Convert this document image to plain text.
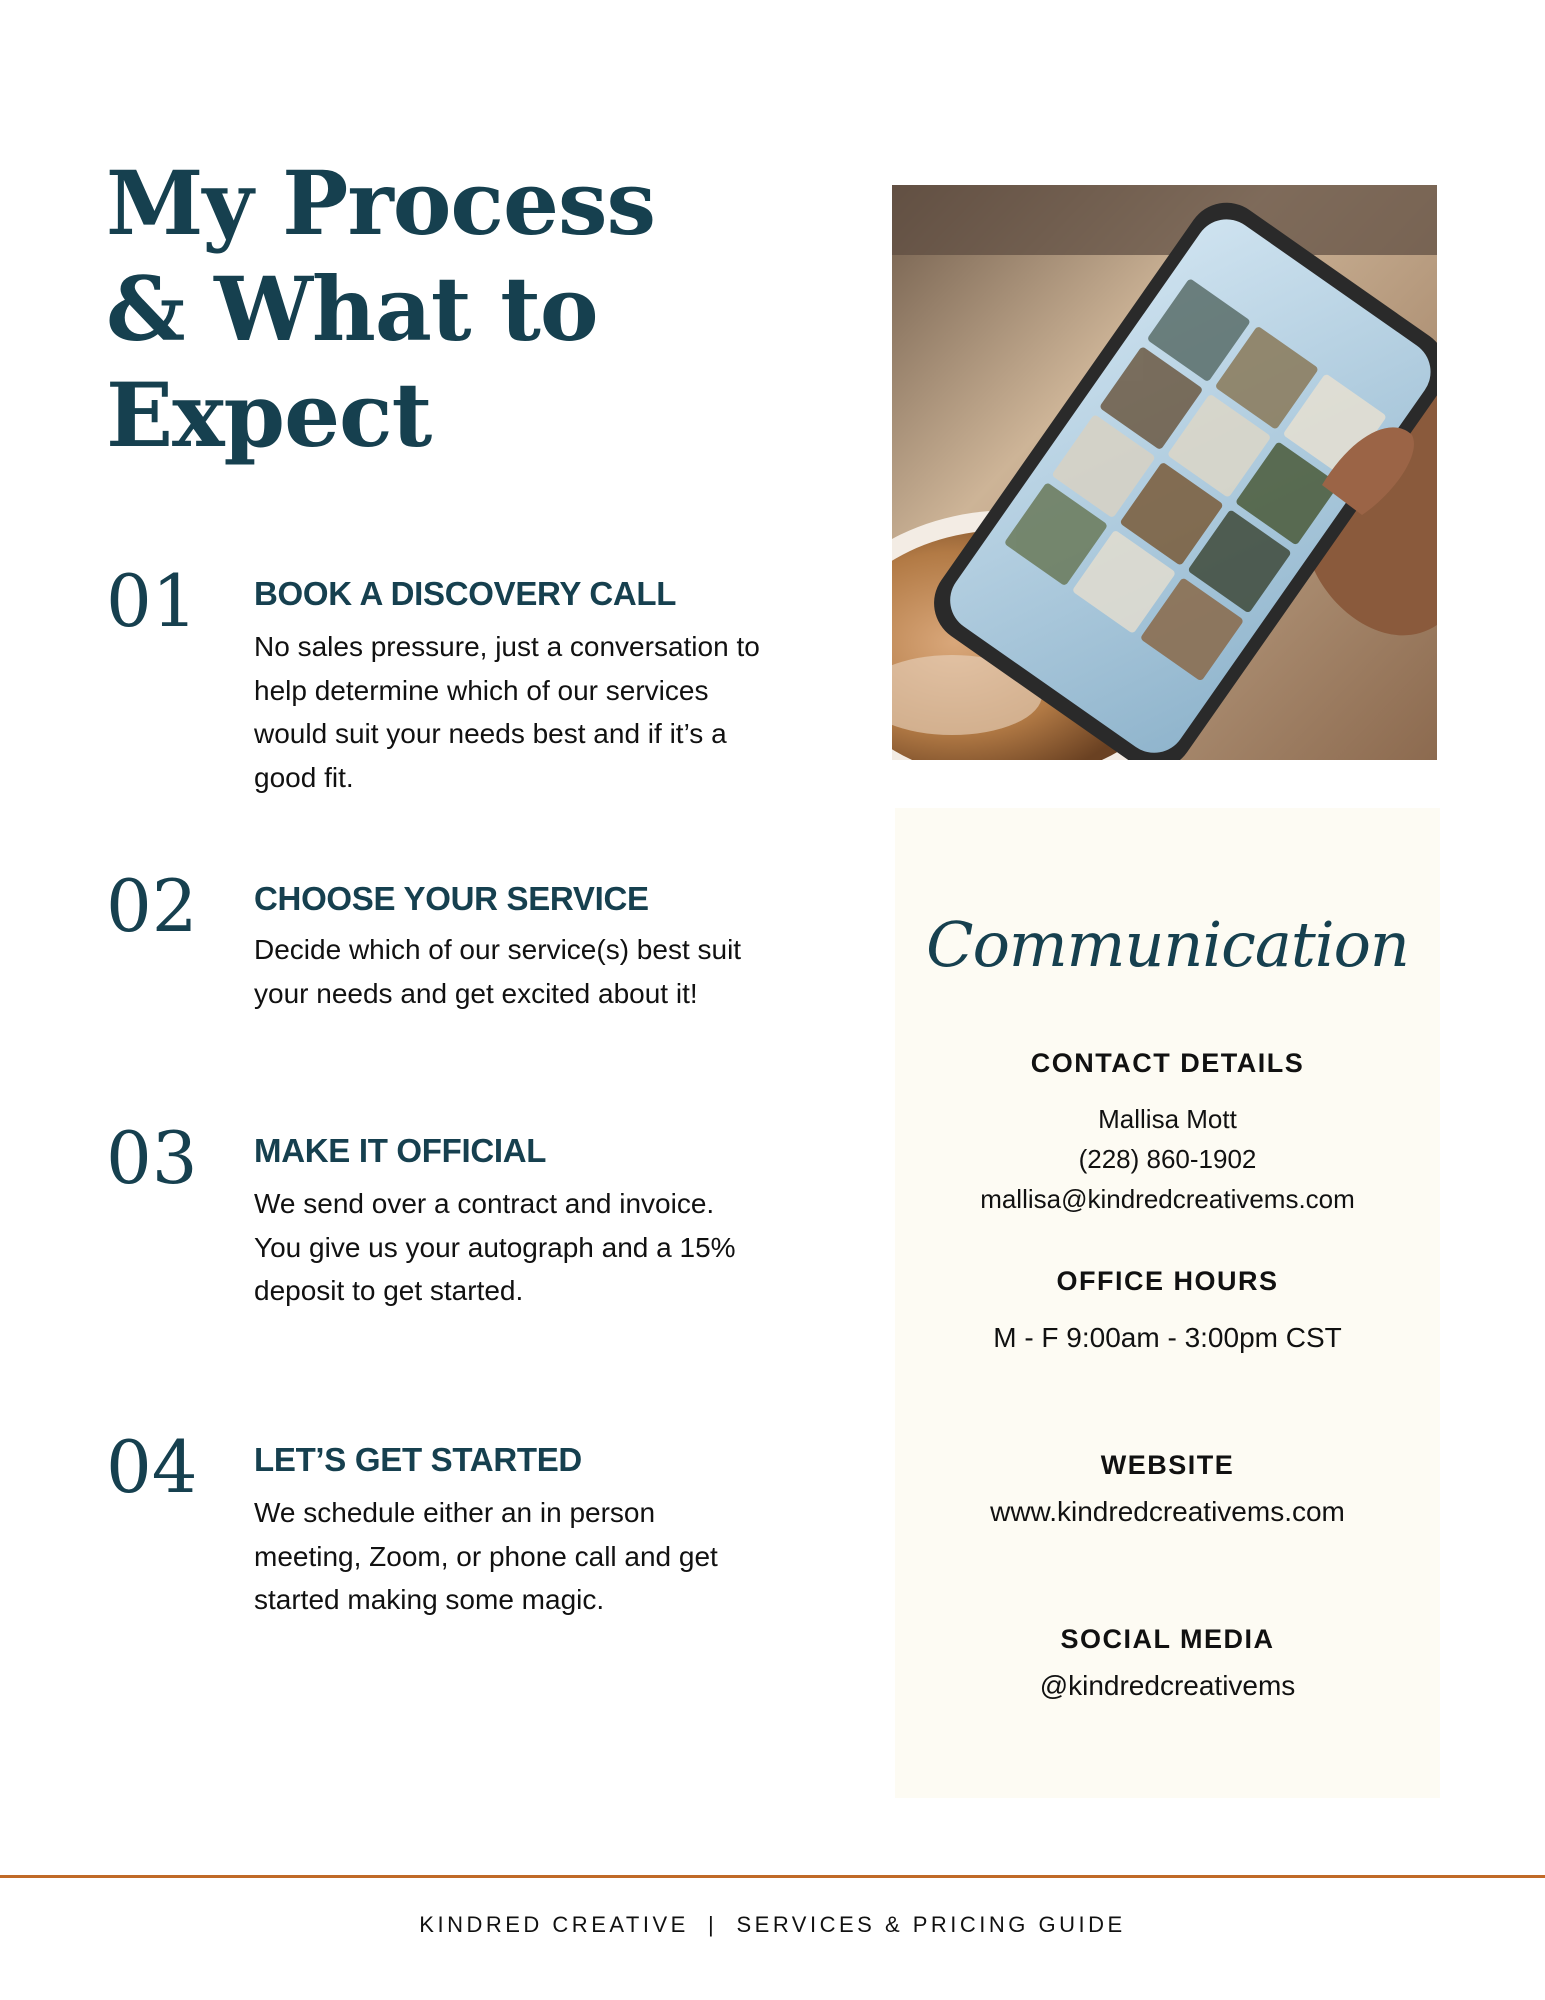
My Process
& What to
Expect
01 BOOK A DISCOVERY CALL
No sales pressure, just a conversation to
help determine which of our services
would suit your needs best and if it’s a
good fit.
02 CHOOSE YOUR SERVICE
Decide which of our service(s) best suit
your needs and get excited about it!
03 MAKE IT OFFICIAL
We send over a contract and invoice.
You give us your autograph and a 15%
deposit to get started.
04 LET’S GET STARTED
We schedule either an in person
meeting, Zoom, or phone call and get
started making some magic.
Communication
CONTACT DETAILS
Mallisa Mott
(228) 860-1902
mallisa@kindredcreativems.com
OFFICE HOURS
M - F 9:00am - 3:00pm CST
WEBSITE
www.kindredcreativems.com
SOCIAL MEDIA
@kindredcreativems
KINDRED CREATIVE  |  SERVICES & PRICING GUIDE
